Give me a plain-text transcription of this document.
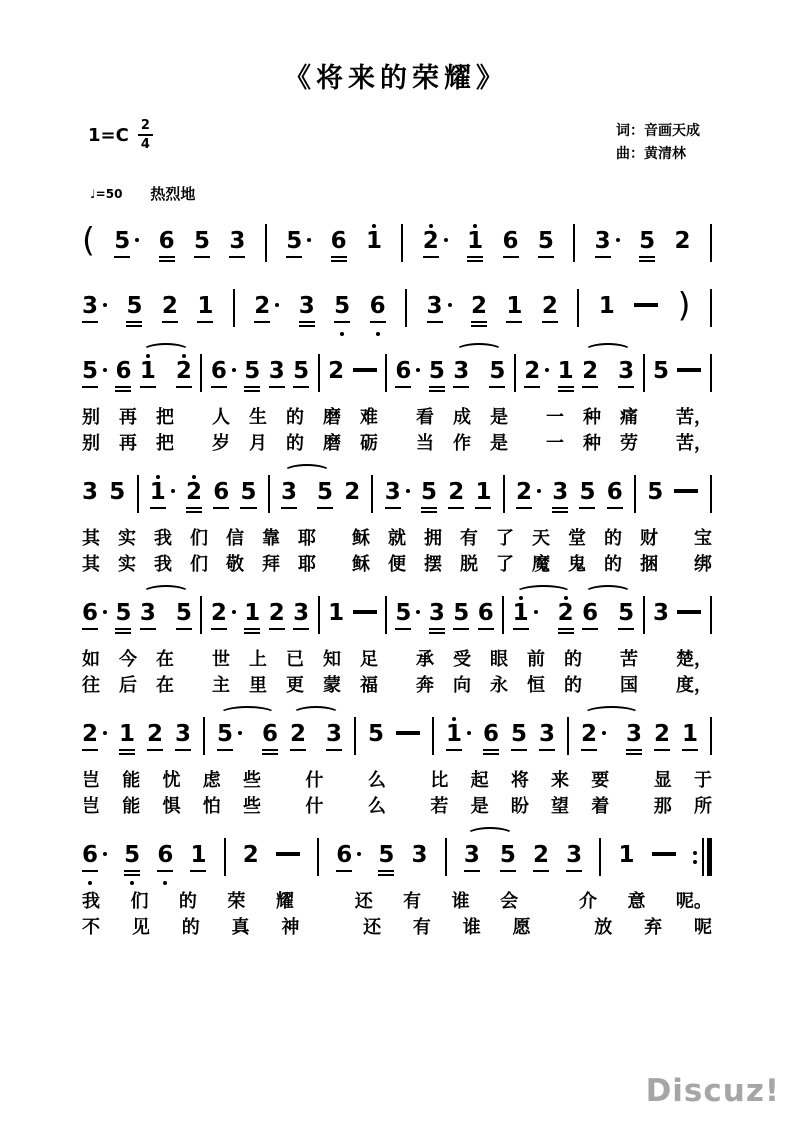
《将来的荣耀》
$1=C \frac{2}{4}$	词：音画天成
曲：黄清林
♩=50 热烈地
( 5 6 5 3 5 6 1 2 1 6 5 3 5 2
3 5 2 1 2 3 5 6 3 2 1 2 1 )
5 6 1 2 6 5 3 5 2 6 5 3 5 2 1 2 3 5
别 再 把 人 生 的 磨 难 看 成 是 一 种 痛 苦，
别 再 把 岁 月 的 磨 砺 当 作 是 一 种 劳 苦，
3 5 1 2 6 5 3 5 2 3 5 2 1 2 3 5 6 5
其 实 我 们 信 靠 耶 稣 就 拥 有 了 天 堂 的 财 宝
其 实 我 们 敬 拜 耶 稣 便 摆 脱 了 魔 鬼 的 捆 绑
6 5 3 5 2 1 2 3 1 5 3 5 6 1 2 6 5 3
如 今 在 世 上 已 知 足 承 受 眼 前 的 苦 楚，
往 后 在 主 里 更 蒙 福 奔 向 永 恒 的 国 度，
2 1 2 3 5 6 2 3 5	1 6 5 3 2 3 2 1
岂 能 忧 虑 些 什 么 比 起 将 来 要 显 于
岂 能 惧 怕 些 什 么 若 是 盼 望 着 那 所
6 5 6 1 2	6 5 3 3 5 2 3 1
我 们 的 荣 耀	还 有 谁 会	介 意 呢。
不 见 的 真 神	还 有 谁 愿	放 弃 呢
Discuz!
